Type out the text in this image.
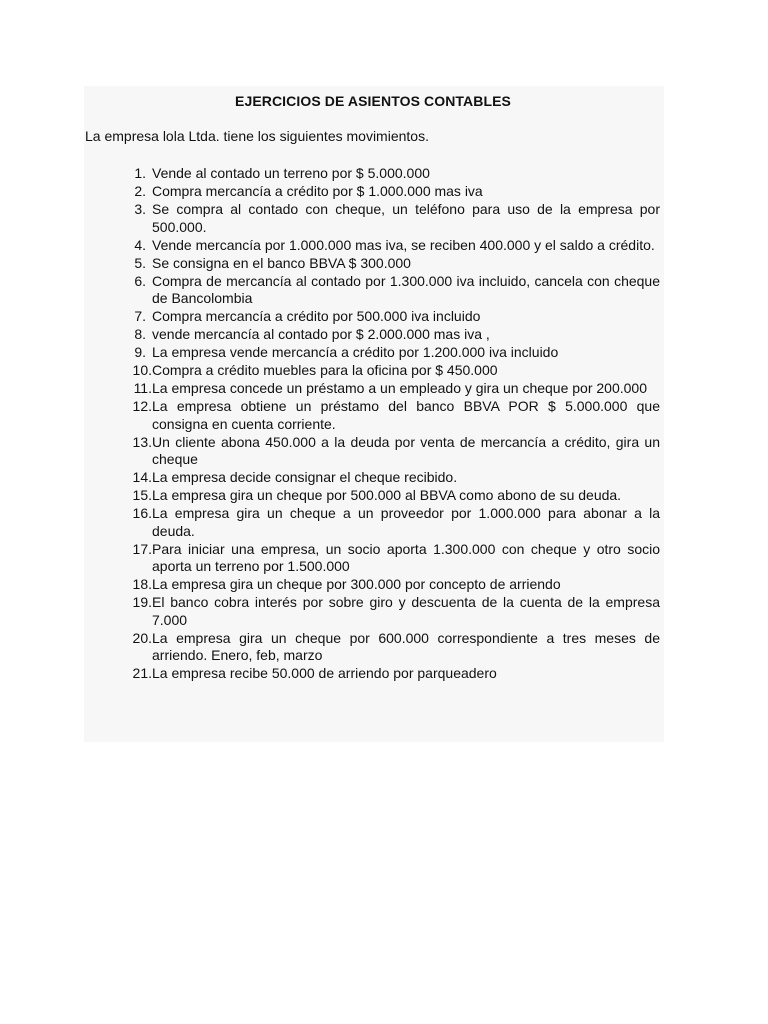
EJERCICIOS DE ASIENTOS CONTABLES
La empresa lola Ltda. tiene los siguientes movimientos.
1. Vende al contado un terreno por $ 5.000.000
2. Compra mercancía a crédito por $ 1.000.000 mas iva
3. Se compra al contado con cheque, un teléfono para uso de la empresa por 500.000.
4. Vende mercancía por 1.000.000 mas iva, se reciben 400.000 y el saldo a crédito.
5. Se consigna en el banco BBVA $ 300.000
6. Compra de mercancía al contado por 1.300.000 iva incluido, cancela con cheque de Bancolombia
7. Compra mercancía a crédito por 500.000 iva incluido
8. vende mercancía al contado por $ 2.000.000 mas iva ,
9. La empresa vende mercancía a crédito por 1.200.000 iva incluido
10. Compra a crédito muebles para la oficina por $ 450.000
11. La empresa concede un préstamo a un empleado y gira un cheque por 200.000
12. La empresa obtiene un préstamo del banco BBVA POR $ 5.000.000 que consigna en cuenta corriente.
13. Un cliente abona 450.000 a la deuda por venta de mercancía a crédito, gira un cheque
14. La empresa decide consignar el cheque recibido.
15. La empresa gira un cheque por 500.000 al BBVA como abono de su deuda.
16. La empresa gira un cheque a un proveedor por 1.000.000 para abonar a la deuda.
17. Para iniciar una empresa, un socio aporta 1.300.000 con cheque y otro socio aporta un terreno por 1.500.000
18. La empresa gira un cheque por 300.000 por concepto de arriendo
19. El banco cobra interés por sobre giro y descuenta de la cuenta de la empresa 7.000
20. La empresa gira un cheque por 600.000 correspondiente a tres meses de arriendo. Enero, feb, marzo
21. La empresa recibe 50.000 de arriendo por parqueadero
